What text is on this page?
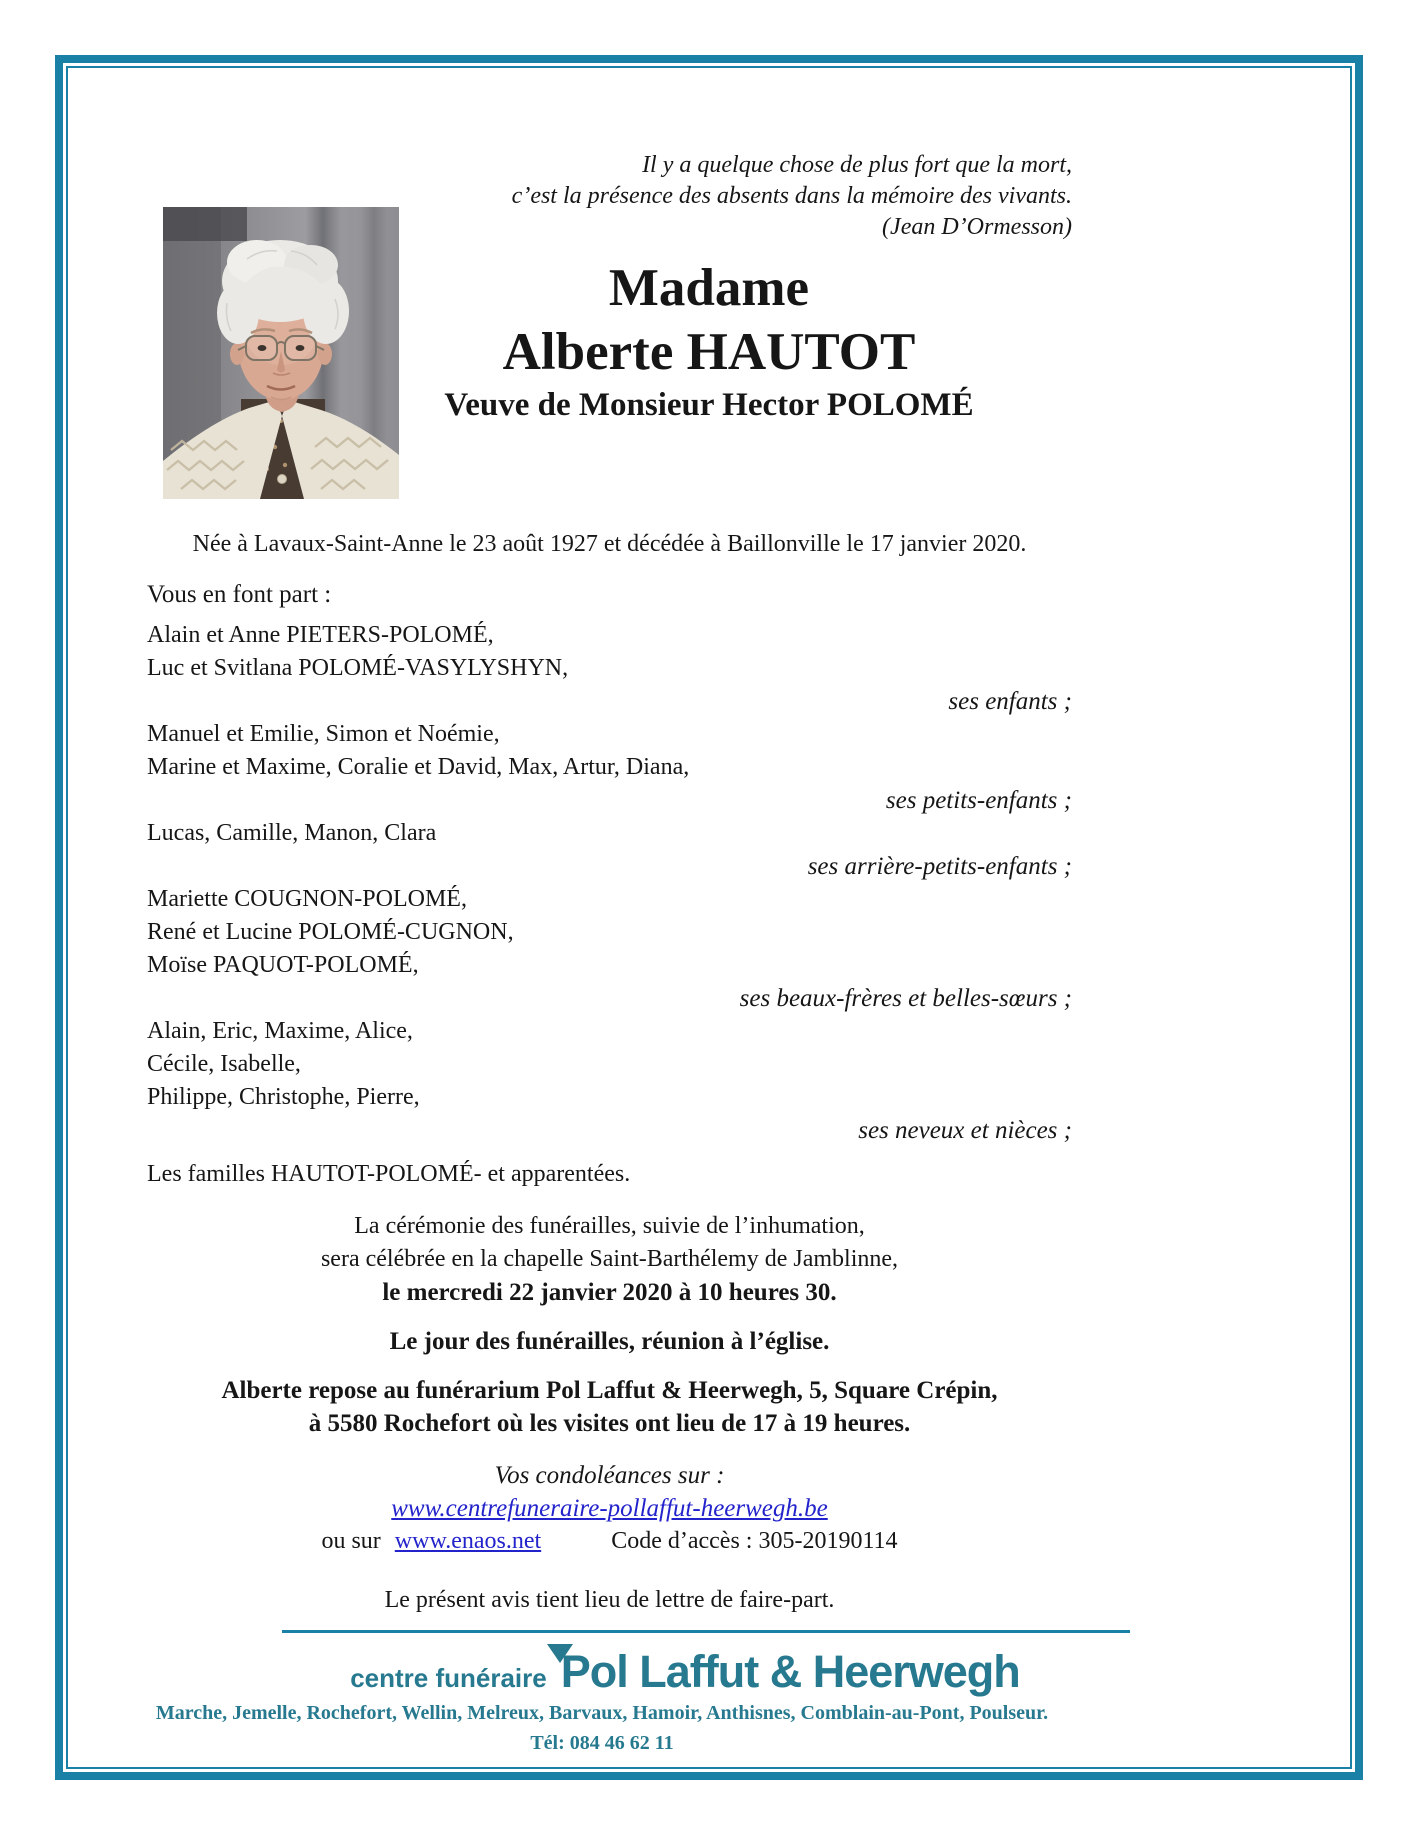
Il y a quelque chose de plus fort que la mort,
c’est la présence des absents dans la mémoire des vivants.
(Jean D’Ormesson)
Madame
Alberte HAUTOT
Veuve de Monsieur Hector POLOMÉ
Née à Lavaux-Saint-Anne le 23 août 1927 et décédée à Baillonville le 17 janvier 2020.
Vous en font part :
Alain et Anne PIETERS-POLOMÉ,
Luc et Svitlana POLOMÉ-VASYLYSHYN,
ses enfants ;
Manuel et Emilie, Simon et Noémie,
Marine et Maxime, Coralie et David, Max, Artur, Diana,
ses petits-enfants ;
Lucas, Camille, Manon, Clara
ses arrière-petits-enfants ;
Mariette COUGNON-POLOMÉ,
René et Lucine POLOMÉ-CUGNON,
Moïse PAQUOT-POLOMÉ,
ses beaux-frères et belles-sœurs ;
Alain, Eric, Maxime, Alice,
Cécile, Isabelle,
Philippe, Christophe, Pierre,
ses neveux et nièces ;
Les familles HAUTOT-POLOMÉ- et apparentées.
La cérémonie des funérailles, suivie de l’inhumation,
sera célébrée en la chapelle Saint-Barthélemy de Jamblinne,
le mercredi 22 janvier 2020 à 10 heures 30.
Le jour des funérailles, réunion à l’église.
Alberte repose au funérarium Pol Laffut & Heerwegh, 5, Square Crépin,
à 5580 Rochefort où les visites ont lieu de 17 à 19 heures.
Vos condoléances sur :
www.centrefuneraire-pollaffut-heerwegh.be
ou sur www.enaos.net	Code d’accès : 305-20190114
Le présent avis tient lieu de lettre de faire-part.
centre funéraire Pol Laffut & Heerwegh
Marche, Jemelle, Rochefort, Wellin, Melreux, Barvaux, Hamoir, Anthisnes, Comblain-au-Pont, Poulseur.
Tél: 084 46 62 11
